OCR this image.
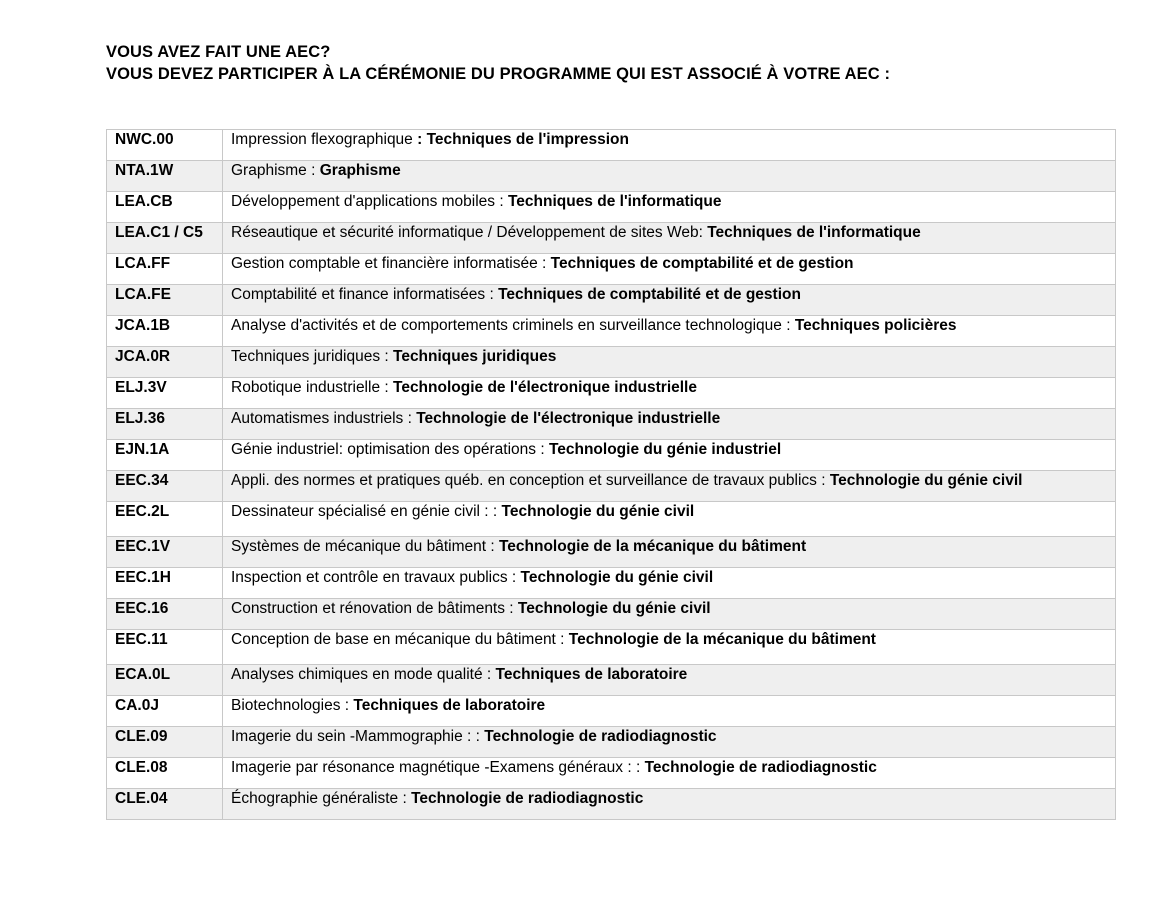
VOUS AVEZ FAIT UNE AEC?
VOUS DEVEZ PARTICIPER À LA CÉRÉMONIE DU PROGRAMME QUI EST ASSOCIÉ À VOTRE AEC :
NWC.00	Impression flexographique : Techniques de l'impression
NTA.1W	Graphisme : Graphisme
LEA.CB	Développement d'applications mobiles : Techniques de l'informatique
LEA.C1 / C5	Réseautique et sécurité informatique / Développement de sites Web: Techniques de l'informatique
LCA.FF	Gestion comptable et financière informatisée : Techniques de comptabilité et de gestion
LCA.FE	Comptabilité et finance informatisées : Techniques de comptabilité et de gestion
JCA.1B	Analyse d'activités et de comportements criminels en surveillance technologique : Techniques policières
JCA.0R	Techniques juridiques : Techniques juridiques
ELJ.3V	Robotique industrielle : Technologie de l'électronique industrielle
ELJ.36	Automatismes industriels : Technologie de l'électronique industrielle
EJN.1A	Génie industriel: optimisation des opérations : Technologie du génie industriel
EEC.34	Appli. des normes et pratiques québ. en conception et surveillance de travaux publics : Technologie du génie civil
EEC.2L	Dessinateur spécialisé en génie civil : : Technologie du génie civil
EEC.1V	Systèmes de mécanique du bâtiment : Technologie de la mécanique du bâtiment
EEC.1H	Inspection et contrôle en travaux publics : Technologie du génie civil
EEC.16	Construction et rénovation de bâtiments : Technologie du génie civil
EEC.11	Conception de base en mécanique du bâtiment : Technologie de la mécanique du bâtiment
ECA.0L	Analyses chimiques en mode qualité : Techniques de laboratoire
CA.0J	Biotechnologies : Techniques de laboratoire
CLE.09	Imagerie du sein -Mammographie : : Technologie de radiodiagnostic
CLE.08	Imagerie par résonance magnétique -Examens généraux : : Technologie de radiodiagnostic
CLE.04	Échographie généraliste : Technologie de radiodiagnostic
